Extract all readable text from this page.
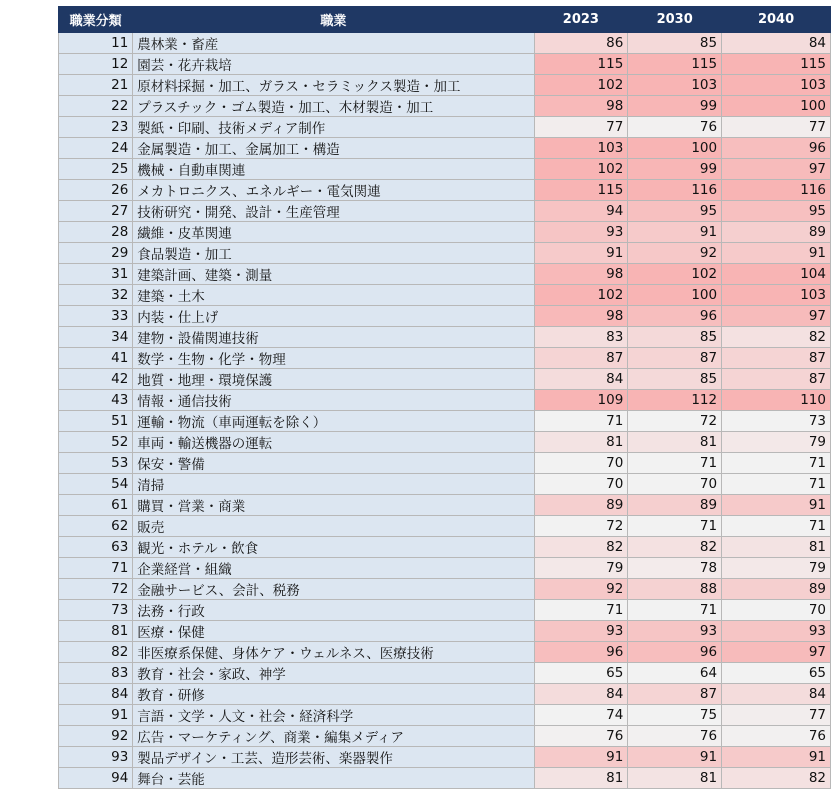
職業分類	職業	2023	2030	2040
11	農林業・畜産	86	85	84
12	園芸・花卉栽培	115	115	115
21	原材料採掘・加工、ガラス・セラミックス製造・加工	102	103	103
22	プラスチック・ゴム製造・加工、木材製造・加工	98	99	100
23	製紙・印刷、技術メディア制作	77	76	77
24	金属製造・加工、金属加工・構造	103	100	96
25	機械・自動車関連	102	99	97
26	メカトロニクス、エネルギー・電気関連	115	116	116
27	技術研究・開発、設計・生産管理	94	95	95
28	繊維・皮革関連	93	91	89
29	食品製造・加工	91	92	91
31	建築計画、建築・測量	98	102	104
32	建築・土木	102	100	103
33	内装・仕上げ	98	96	97
34	建物・設備関連技術	83	85	82
41	数学・生物・化学・物理	87	87	87
42	地質・地理・環境保護	84	85	87
43	情報・通信技術	109	112	110
51	運輸・物流（車両運転を除く）	71	72	73
52	車両・輸送機器の運転	81	81	79
53	保安・警備	70	71	71
54	清掃	70	70	71
61	購買・営業・商業	89	89	91
62	販売	72	71	71
63	観光・ホテル・飲食	82	82	81
71	企業経営・組織	79	78	79
72	金融サービス、会計、税務	92	88	89
73	法務・行政	71	71	70
81	医療・保健	93	93	93
82	非医療系保健、身体ケア・ウェルネス、医療技術	96	96	97
83	教育・社会・家政、神学	65	64	65
84	教育・研修	84	87	84
91	言語・文学・人文・社会・経済科学	74	75	77
92	広告・マーケティング、商業・編集メディア	76	76	76
93	製品デザイン・工芸、造形芸術、楽器製作	91	91	91
94	舞台・芸能	81	81	82
